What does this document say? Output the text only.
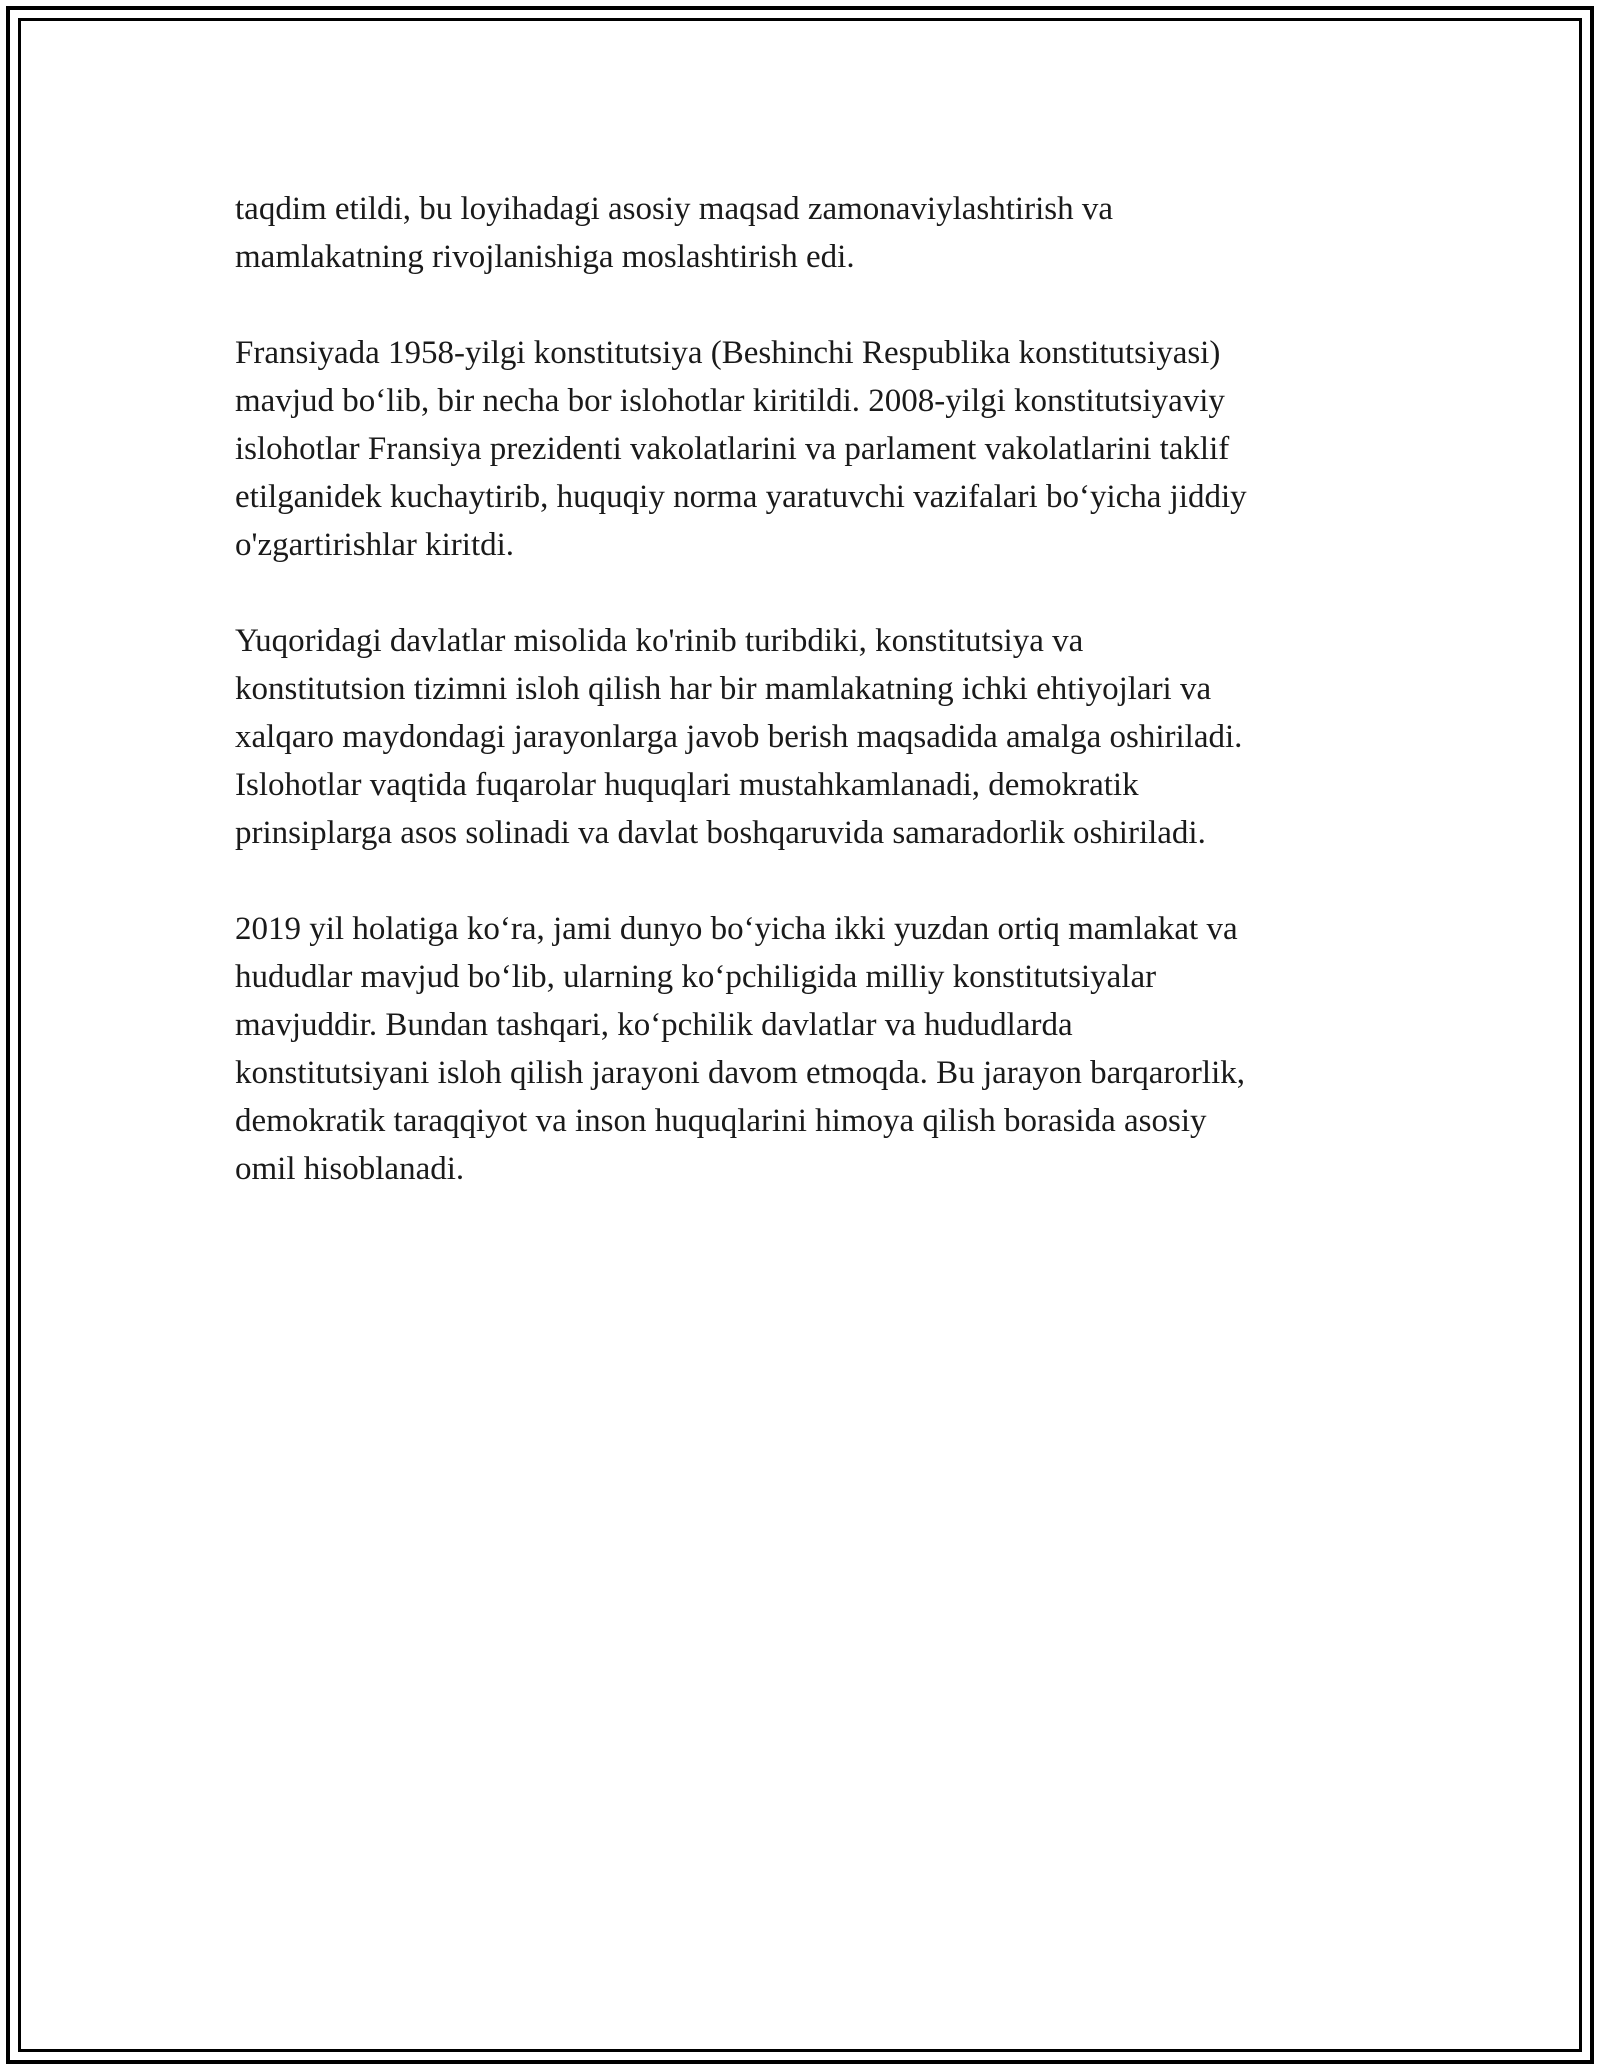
taqdim etildi, bu loyihadagi asosiy maqsad zamonaviylashtirish va
mamlakatning rivojlanishiga moslashtirish edi.

Fransiyada 1958-yilgi konstitutsiya (Beshinchi Respublika konstitutsiyasi)
mavjud bo‘lib, bir necha bor islohotlar kiritildi. 2008-yilgi konstitutsiyaviy
islohotlar Fransiya prezidenti vakolatlarini va parlament vakolatlarini taklif
etilganidek kuchaytirib, huquqiy norma yaratuvchi vazifalari bo‘yicha jiddiy
o'zgartirishlar kiritdi.

Yuqoridagi davlatlar misolida ko'rinib turibdiki, konstitutsiya va
konstitutsion tizimni isloh qilish har bir mamlakatning ichki ehtiyojlari va
xalqaro maydondagi jarayonlarga javob berish maqsadida amalga oshiriladi.
Islohotlar vaqtida fuqarolar huquqlari mustahkamlanadi, demokratik
prinsiplarga asos solinadi va davlat boshqaruvida samaradorlik oshiriladi.

2019 yil holatiga ko‘ra, jami dunyo bo‘yicha ikki yuzdan ortiq mamlakat va
hududlar mavjud bo‘lib, ularning ko‘pchiligida milliy konstitutsiyalar
mavjuddir. Bundan tashqari, ko‘pchilik davlatlar va hududlarda
konstitutsiyani isloh qilish jarayoni davom etmoqda. Bu jarayon barqarorlik,
demokratik taraqqiyot va inson huquqlarini himoya qilish borasida asosiy
omil hisoblanadi.
